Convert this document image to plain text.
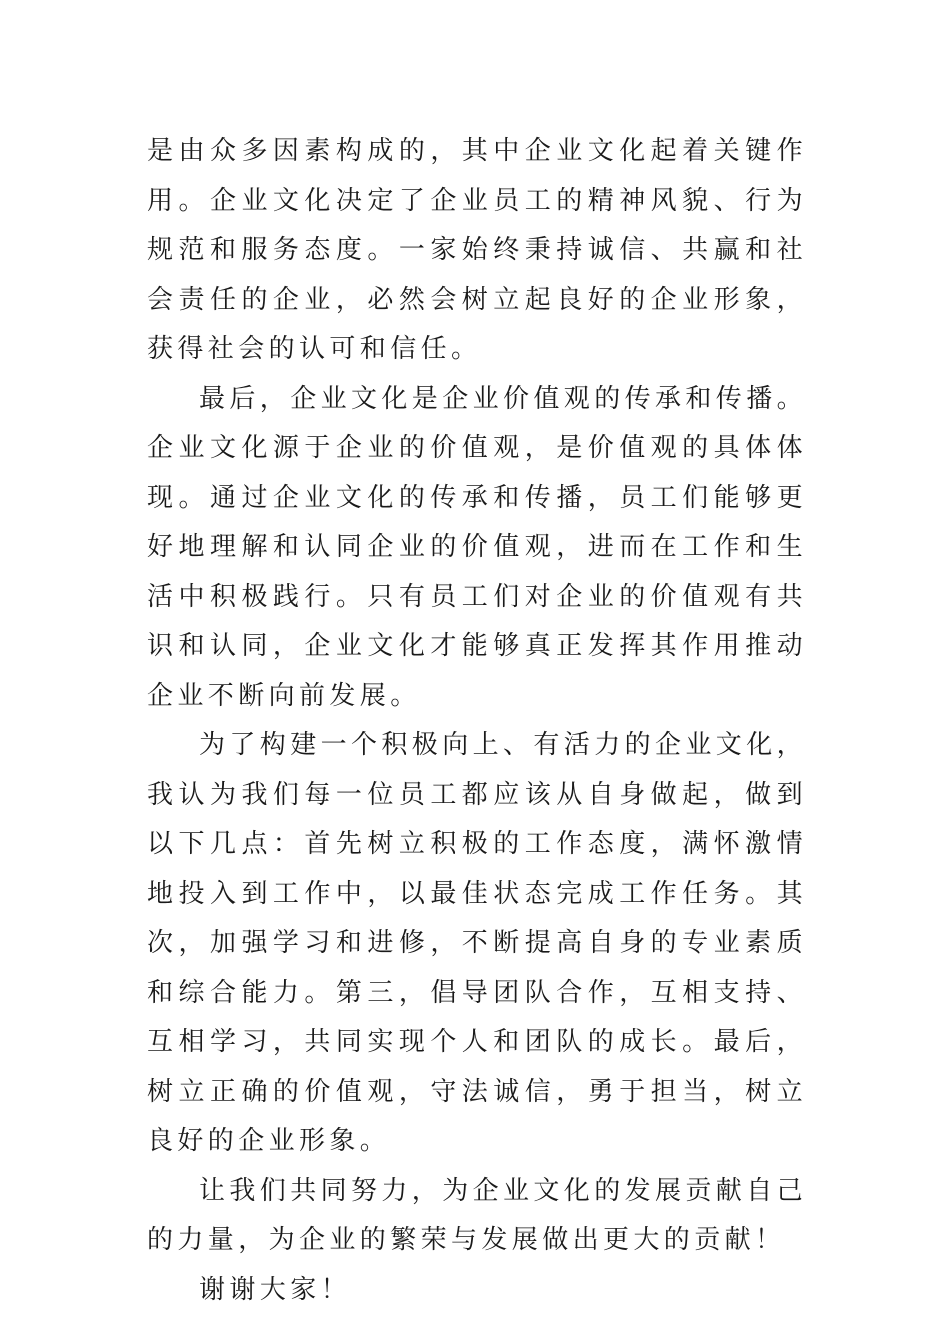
是由众多因素构成的，其中企业文化起着关键作用。企业文化决定了企业员工的精神风貌、行为规范和服务态度。一家始终秉持诚信、共赢和社会责任的企业，必然会树立起良好的企业形象，获得社会的认可和信任。

最后，企业文化是企业价值观的传承和传播。企业文化源于企业的价值观，是价值观的具体体现。通过企业文化的传承和传播，员工们能够更好地理解和认同企业的价值观，进而在工作和生活中积极践行。只有员工们对企业的价值观有共识和认同，企业文化才能够真正发挥其作用推动企业不断向前发展。

为了构建一个积极向上、有活力的企业文化，我认为我们每一位员工都应该从自身做起，做到以下几点：首先树立积极的工作态度，满怀激情地投入到工作中，以最佳状态完成工作任务。其次，加强学习和进修，不断提高自身的专业素质和综合能力。第三，倡导团队合作，互相支持、互相学习，共同实现个人和团队的成长。最后，树立正确的价值观，守法诚信，勇于担当，树立良好的企业形象。

让我们共同努力，为企业文化的发展贡献自己的力量，为企业的繁荣与发展做出更大的贡献！

谢谢大家！
